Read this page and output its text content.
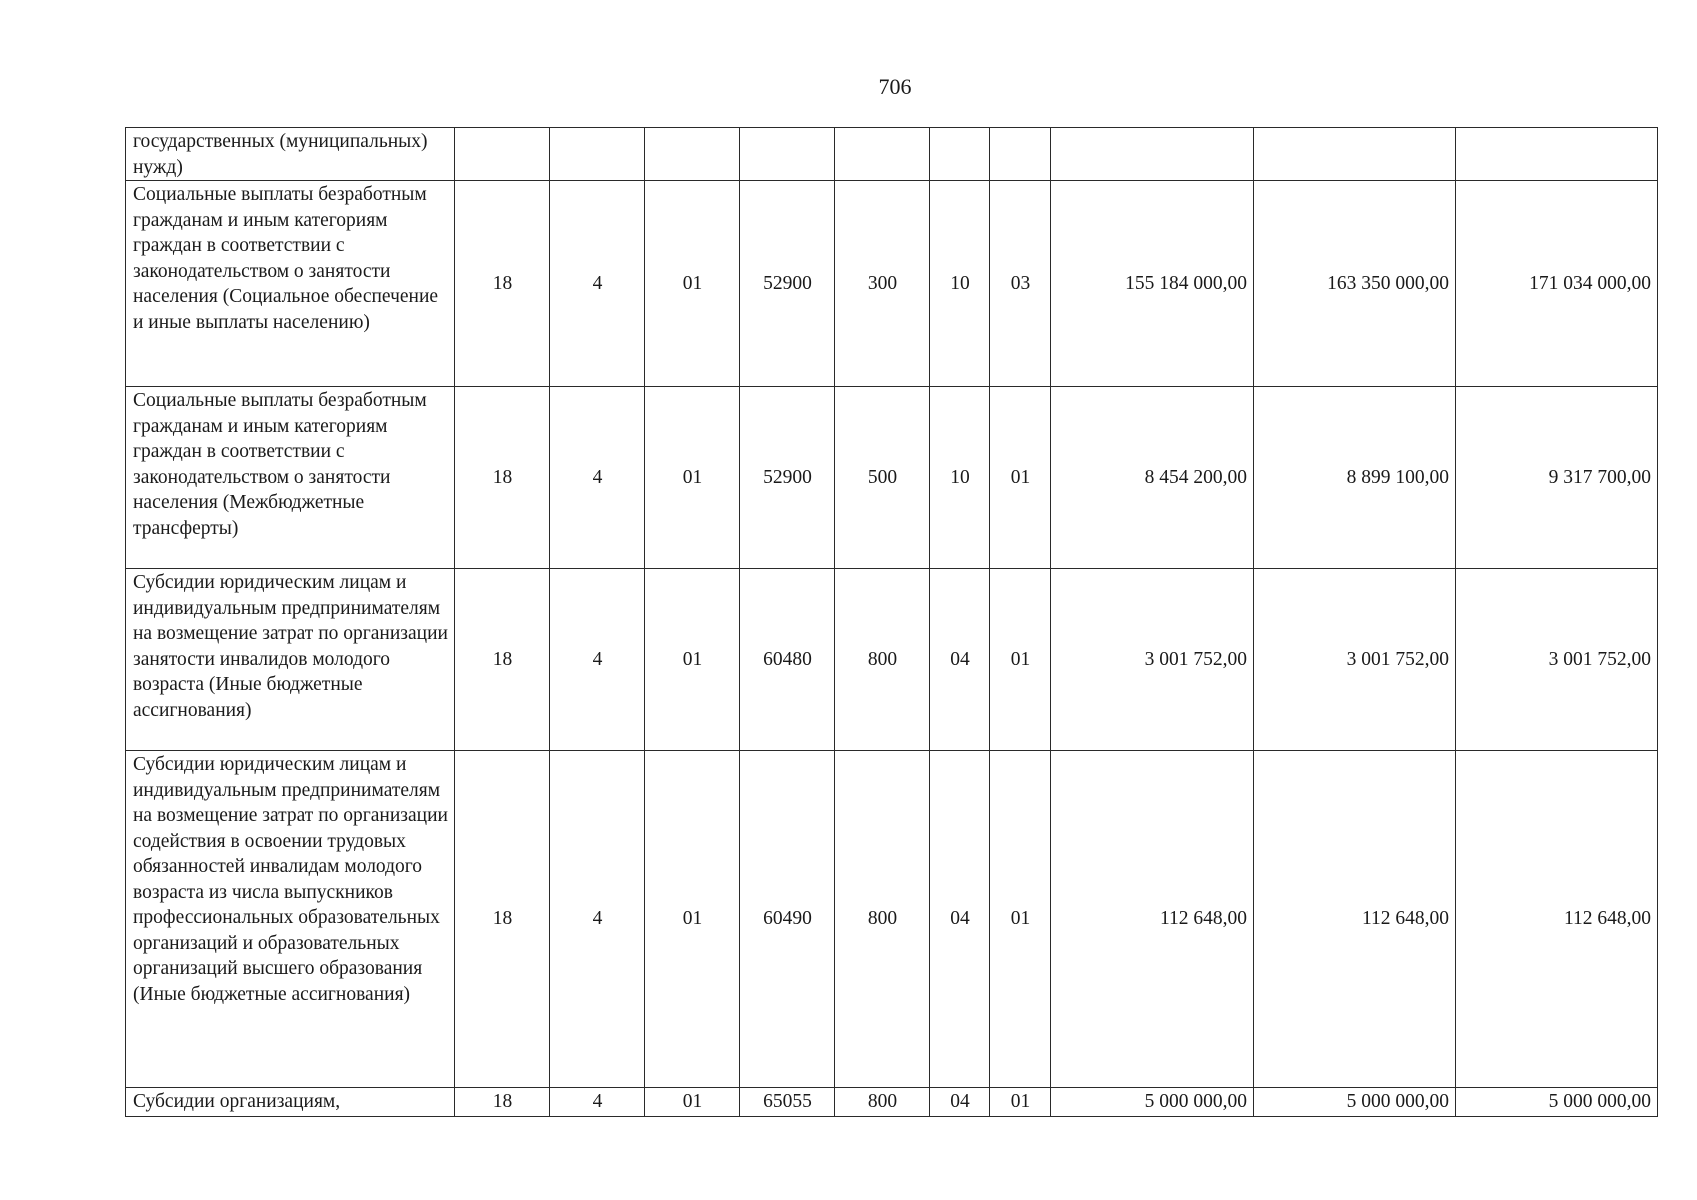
706
государственных (муниципальных) нужд)										

Социальные выплаты безработным гражданам и иным категориям граждан в соответствии с законодательством о занятости населения (Социальное обеспечение и иные выплаты населению)	18	4	01	52900	300	10	03	155 184 000,00	163 350 000,00	171 034 000,00

Социальные выплаты безработным гражданам и иным категориям граждан в соответствии с законодательством о занятости населения (Межбюджетные трансферты)	18	4	01	52900	500	10	01	8 454 200,00	8 899 100,00	9 317 700,00

Субсидии юридическим лицам и индивидуальным предпринимателям на возмещение затрат по организации занятости инвалидов молодого возраста (Иные бюджетные ассигнования)	18	4	01	60480	800	04	01	3 001 752,00	3 001 752,00	3 001 752,00

Субсидии юридическим лицам и индивидуальным предпринимателям на возмещение затрат по организации содействия в освоении трудовых обязанностей инвалидам молодого возраста из числа выпускников профессиональных образовательных организаций и образовательных организаций высшего образования (Иные бюджетные ассигнования)	18	4	01	60490	800	04	01	112 648,00	112 648,00	112 648,00

Субсидии организациям,	18	4	01	65055	800	04	01	5 000 000,00	5 000 000,00	5 000 000,00
